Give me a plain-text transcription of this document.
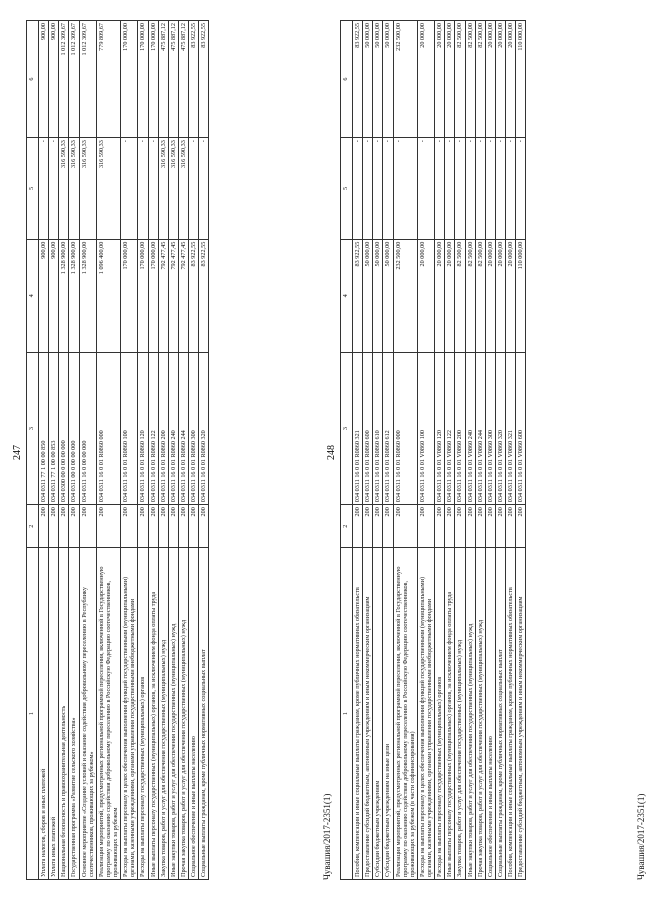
247
1	2	3	4	5	6
Уплата налогов, сборов и иных платежей	200	034 0311 77 1 00 00 850	900,00	-	900,00
Уплата иных платежей	200	034 0311 77 1 00 00 853	900,00	-	900,00
Национальная безопасность и правоохранительная деятельность	200	034 0300 00 0 00 00 000	1 328 900,00	316 590,33	1 012 309,67
Государственная программа «Развитие сельского хозяйства»	200	034 0311 00 0 00 00 000	1 328 900,00	316 590,33	1 012 309,67
Основное мероприятие «Создание условий и оказание содействия добровольному переселению в Республику соотечественников, проживающих за рубежом»	200	034 0311 16 0 00 00 000	1 328 900,00	316 590,33	1 012 309,67
Реализация мероприятий, предусмотренных региональной программой переселения, включенной в Государственную программу по оказанию содействия добровольному переселению в Российскую Федерацию соотечественников, проживающих за рубежом	200	034 0311 16 0 01 R0860 000	1 096 400,00	316 590,33	779 809,67
Расходы на выплаты персоналу в целях обеспечения выполнения функций государственными (муниципальными) органами, казенными учреждениями, органами управления государственными внебюджетными фондами	200	034 0311 16 0 01 R0860 100	170 000,00	-	170 000,00
Расходы на выплаты персоналу государственных (муниципальных) органов	200	034 0311 16 0 01 R0860 120	170 000,00	-	170 000,00
Иные выплаты персоналу государственных (муниципальных) органов, за исключением фонда оплаты труда	200	034 0311 16 0 01 R0860 122	170 000,00	-	170 000,00
Закупка товаров, работ и услуг для обеспечения государственных (муниципальных) нужд	200	034 0311 16 0 01 R0860 200	792 477,45	316 590,33	475 887,12
Иные закупки товаров, работ и услуг для обеспечения государственных (муниципальных) нужд	200	034 0311 16 0 01 R0860 240	792 477,45	316 590,33	475 887,12
Прочая закупка товаров, работ и услуг для обеспечения государственных (муниципальных) нужд	200	034 0311 16 0 01 R0860 244	792 477,45	316 590,33	475 887,12
Социальное обеспечение и иные выплаты населению	200	034 0311 16 0 01 R0860 300	83 922,55	-	83 922,55
Социальные выплаты гражданам, кроме публичных нормативных социальных выплат	200	034 0311 16 0 01 R0860 320	83 922,55	-	83 922,55
Чувашия/2017-2351(1)
248
1	2	3	4	5	6
Пособия, компенсации и иные социальные выплаты гражданам, кроме публичных нормативных обязательств	200	034 0311 16 0 01 R0860 321	83 922,55	-	83 922,55
Предоставление субсидий бюджетным, автономным учреждениям и иным некоммерческим организациям	200	034 0311 16 0 01 R0860 600	50 000,00	-	50 000,00
Субсидии бюджетным учреждениям	200	034 0311 16 0 01 R0860 610	50 000,00	-	50 000,00
Субсидии бюджетным учреждениям на иные цели	200	034 0311 16 0 01 R0860 612	50 000,00	-	50 000,00
Реализация мероприятий, предусмотренных региональной программой переселения, включенной в Государственную программу по оказанию содействия добровольному переселению в Российскую Федерацию соотечественников, проживающих за рубежом (в части софинансирования)	200	034 0311 16 0 01 R0860 000	232 500,00	-	232 500,00
Расходы на выплаты персоналу в целях обеспечения выполнения функций государственными (муниципальными) органами, казенными учреждениями, органами управления государственными внебюджетными фондами	200	034 0311 16 0 01 V0860 100	20 000,00	-	20 000,00
Расходы на выплаты персоналу государственных (муниципальных) органов	200	034 0311 16 0 01 V0860 120	20 000,00	-	20 000,00
Иные выплаты персоналу государственных (муниципальных) органов, за исключением фонда оплаты труда	200	034 0311 16 0 01 V0860 122	20 000,00	-	20 000,00
Закупка товаров, работ и услуг для обеспечения государственных (муниципальных) нужд	200	034 0311 16 0 01 V0860 200	82 500,00	-	82 500,00
Иные закупки товаров, работ и услуг для обеспечения государственных (муниципальных) нужд	200	034 0311 16 0 01 V0860 240	82 500,00	-	82 500,00
Прочая закупка товаров, работ и услуг для обеспечения государственных (муниципальных) нужд	200	034 0311 16 0 01 V0860 244	82 500,00	-	82 500,00
Социальное обеспечение и иные выплаты населению	200	034 0311 16 0 01 V0860 300	20 000,00	-	20 000,00
Социальные выплаты гражданам, кроме публичных нормативных социальных выплат	200	034 0311 16 0 01 V0860 320	20 000,00	-	20 000,00
Пособия, компенсации и иные социальные выплаты гражданам, кроме публичных нормативных обязательств	200	034 0311 16 0 01 V0860 321	20 000,00	-	20 000,00
Предоставление субсидий бюджетным, автономным учреждениям и иным некоммерческим организациям	200	034 0311 16 0 01 V0860 600	110 000,00	-	110 000,00
Чувашия/2017-2351(1)
